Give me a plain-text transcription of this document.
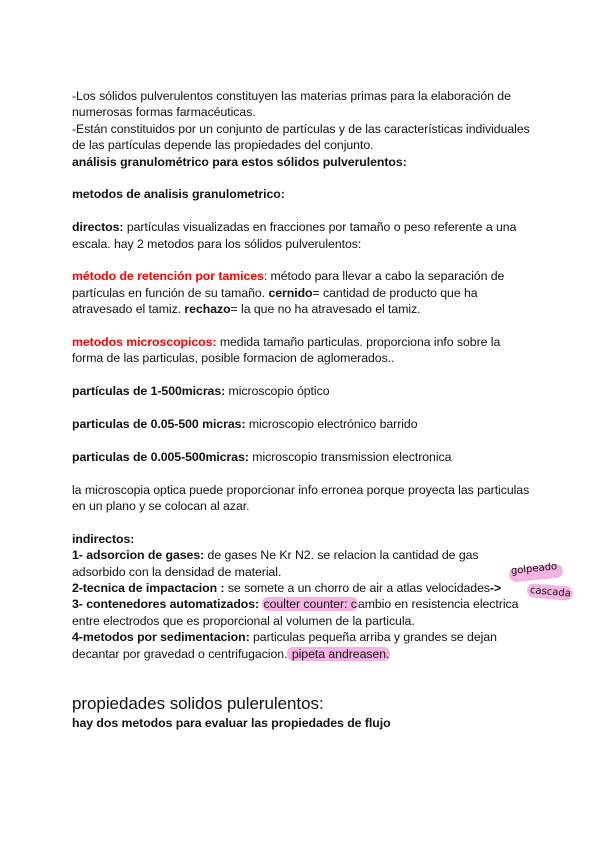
-Los sólidos pulverulentos constituyen las materias primas para la elaboración de numerosas formas farmacéuticas.

-Están constituidos por un conjunto de partículas y de las características individuales de las partículas depende las propiedades del conjunto.

análisis granulométrico para estos sólidos pulverulentos:

metodos de analisis granulometrico:

directos: partículas visualizadas en fracciones por tamaño o peso referente a una escala. hay 2 metodos para los sólidos pulverulentos:

método de retención por tamices: método para llevar a cabo la separación de partículas en función de su tamaño. cernido= cantidad de producto que ha atravesado el tamiz. rechazo= la que no ha atravesado el tamiz.

metodos microscopicos: medida tamaño particulas. proporciona info sobre la forma de las particulas, posible formacion de aglomerados..

partículas de 1-500micras: microscopio óptico

particulas de 0.05-500 micras: microscopio electrónico barrido

particulas de 0.005-500micras: microscopio transmission electronica

la microscopia optica puede proporcionar info erronea porque proyecta las particulas en un plano y se colocan al azar.

indirectos:

1- adsorcion de gases: de gases Ne Kr N2. se relacion la cantidad de gas adsorbido con la densidad de material.

2-tecnica de impactacion : se somete a un chorro de air a atlas velocidades->

3- contenedores automatizados: coulter counter: cambio en resistencia electrica entre electrodos que es proporcional al volumen de la particula.

4-metodos por sedimentacion: particulas pequeña arriba y grandes se dejan decantar por gravedad o centrifugacion. pipeta andreasen.

propiedades solidos pulerulentos:

hay dos metodos para evaluar las propiedades de flujo

golpeado
cascada
